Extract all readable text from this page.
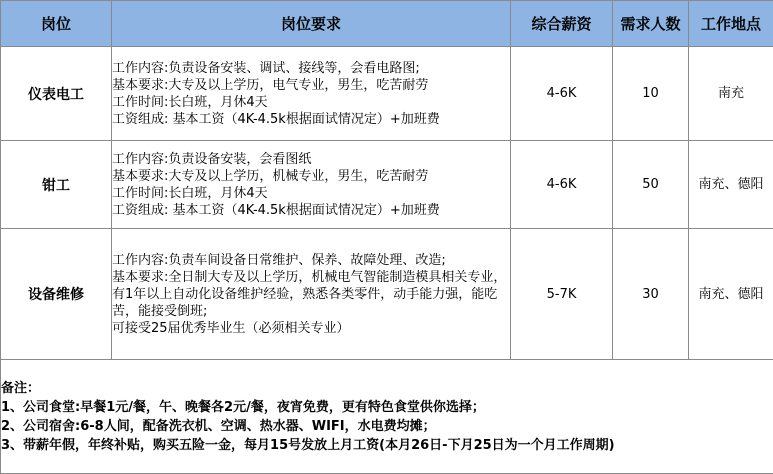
岗位	岗位要求	综合薪资	需求人数	工作地点
仪表电工	工作内容:负责设备安装、调试、接线等，会看电路图;
基本要求:大专及以上学历，电气专业，男生，吃苦耐劳
工作时间:长白班，月休4天
工资组成: 基本工资（4K-4.5k根据面试情况定）+加班费	4-6K	10	南充
钳工	工作内容:负责设备安装，会看图纸
基本要求:大专及以上学历，机械专业，男生，吃苦耐劳
工作时间:长白班，月休4天
工资组成: 基本工资（4K-4.5k根据面试情况定）+加班费	4-6K	50	南充、德阳
设备维修	工作内容:负责车间设备日常维护、保养、故障处理、改造;
基本要求:全日制大专及以上学历，机械电气智能制造模具相关专业，有1年以上自动化设备维护经验，熟悉各类零件，动手能力强，能吃苦，能接受倒班;
可接受25届优秀毕业生（必须相关专业）	5-7K	30	南充、德阳

备注：
1、公司食堂:早餐1元/餐，午、晚餐各2元/餐，夜宵免费，更有特色食堂供你选择；
2、公司宿舍:6-8人间，配备洗衣机、空调、热水器、WIFI，水电费均摊；
3、带薪年假，年终补贴，购买五险一金，每月15号发放上月工资(本月26日-下月25日为一个月工作周期)				
